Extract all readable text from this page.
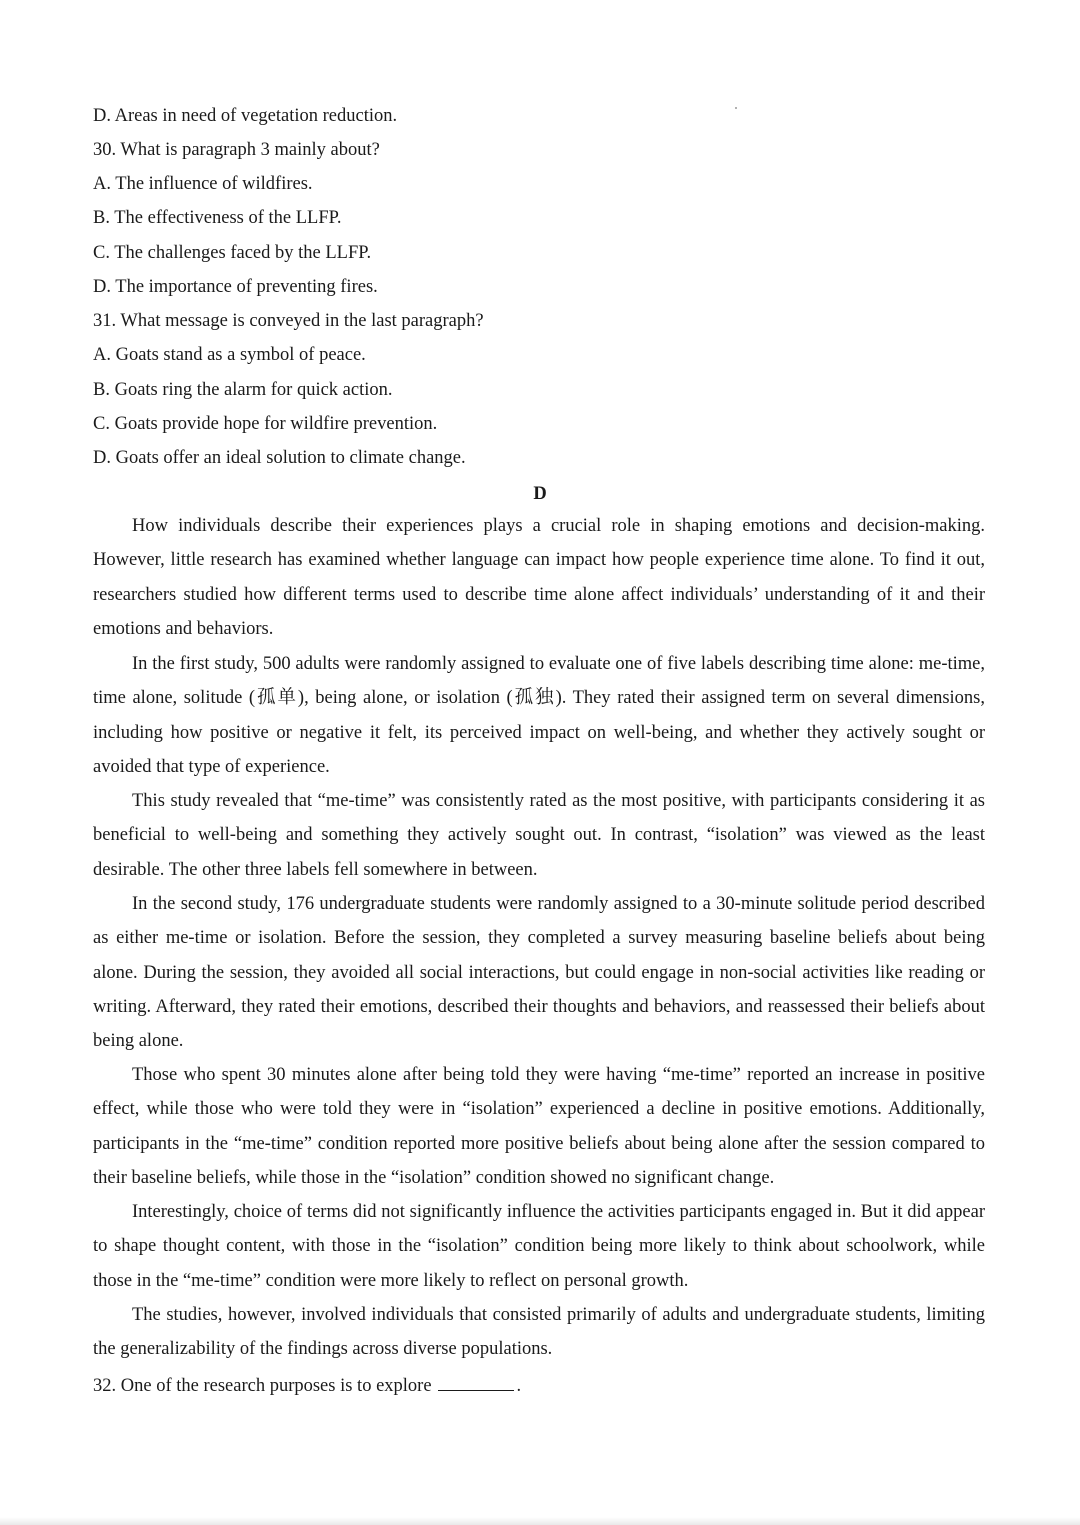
D. Areas in need of vegetation reduction.
30. What is paragraph 3 mainly about?
A. The influence of wildfires.
B. The effectiveness of the LLFP.
C. The challenges faced by the LLFP.
D. The importance of preventing fires.
31. What message is conveyed in the last paragraph?
A. Goats stand as a symbol of peace.
B. Goats ring the alarm for quick action.
C. Goats provide hope for wildfire prevention.
D. Goats offer an ideal solution to climate change.
D

How individuals describe their experiences plays a crucial role in shaping emotions and decision-making. However, little research has examined whether language can impact how people experience time alone. To find it out, researchers studied how different terms used to describe time alone affect individuals’ understanding of it and their emotions and behaviors.

In the first study, 500 adults were randomly assigned to evaluate one of five labels describing time alone: me-time, time alone, solitude (孤单), being alone, or isolation (孤独). They rated their assigned term on several dimensions, including how positive or negative it felt, its perceived impact on well-being, and whether they actively sought or avoided that type of experience.

This study revealed that “me-time” was consistently rated as the most positive, with participants considering it as beneficial to well-being and something they actively sought out. In contrast, “isolation” was viewed as the least desirable. The other three labels fell somewhere in between.

In the second study, 176 undergraduate students were randomly assigned to a 30-minute solitude period described as either me-time or isolation. Before the session, they completed a survey measuring baseline beliefs about being alone. During the session, they avoided all social interactions, but could engage in non-social activities like reading or writing. Afterward, they rated their emotions, described their thoughts and behaviors, and reassessed their beliefs about being alone.

Those who spent 30 minutes alone after being told they were having “me-time” reported an increase in positive effect, while those who were told they were in “isolation” experienced a decline in positive emotions. Additionally, participants in the “me-time” condition reported more positive beliefs about being alone after the session compared to their baseline beliefs, while those in the “isolation” condition showed no significant change.

Interestingly, choice of terms did not significantly influence the activities participants engaged in. But it did appear to shape thought content, with those in the “isolation” condition being more likely to think about schoolwork, while those in the “me-time” condition were more likely to reflect on personal growth.

The studies, however, involved individuals that consisted primarily of adults and undergraduate students, limiting the generalizability of the findings across diverse populations.

32. One of the research purposes is to explore	.
